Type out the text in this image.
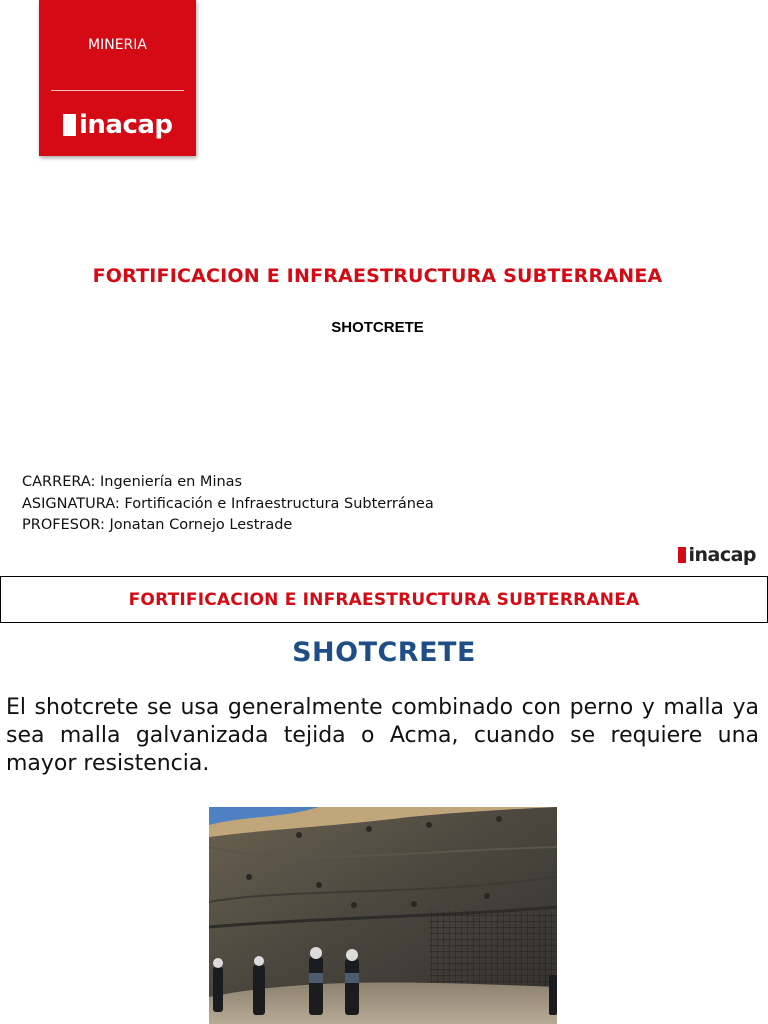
MINERIA
inacap
FORTIFICACION E INFRAESTRUCTURA SUBTERRANEA
SHOTCRETE
CARRERA: Ingeniería en Minas
ASIGNATURA: Fortificación e Infraestructura Subterránea
PROFESOR: Jonatan Cornejo Lestrade
inacap
FORTIFICACION E INFRAESTRUCTURA SUBTERRANEA
SHOTCRETE
El shotcrete se usa generalmente combinado con perno y malla ya sea malla galvanizada tejida o Acma, cuando se requiere una mayor resistencia.
